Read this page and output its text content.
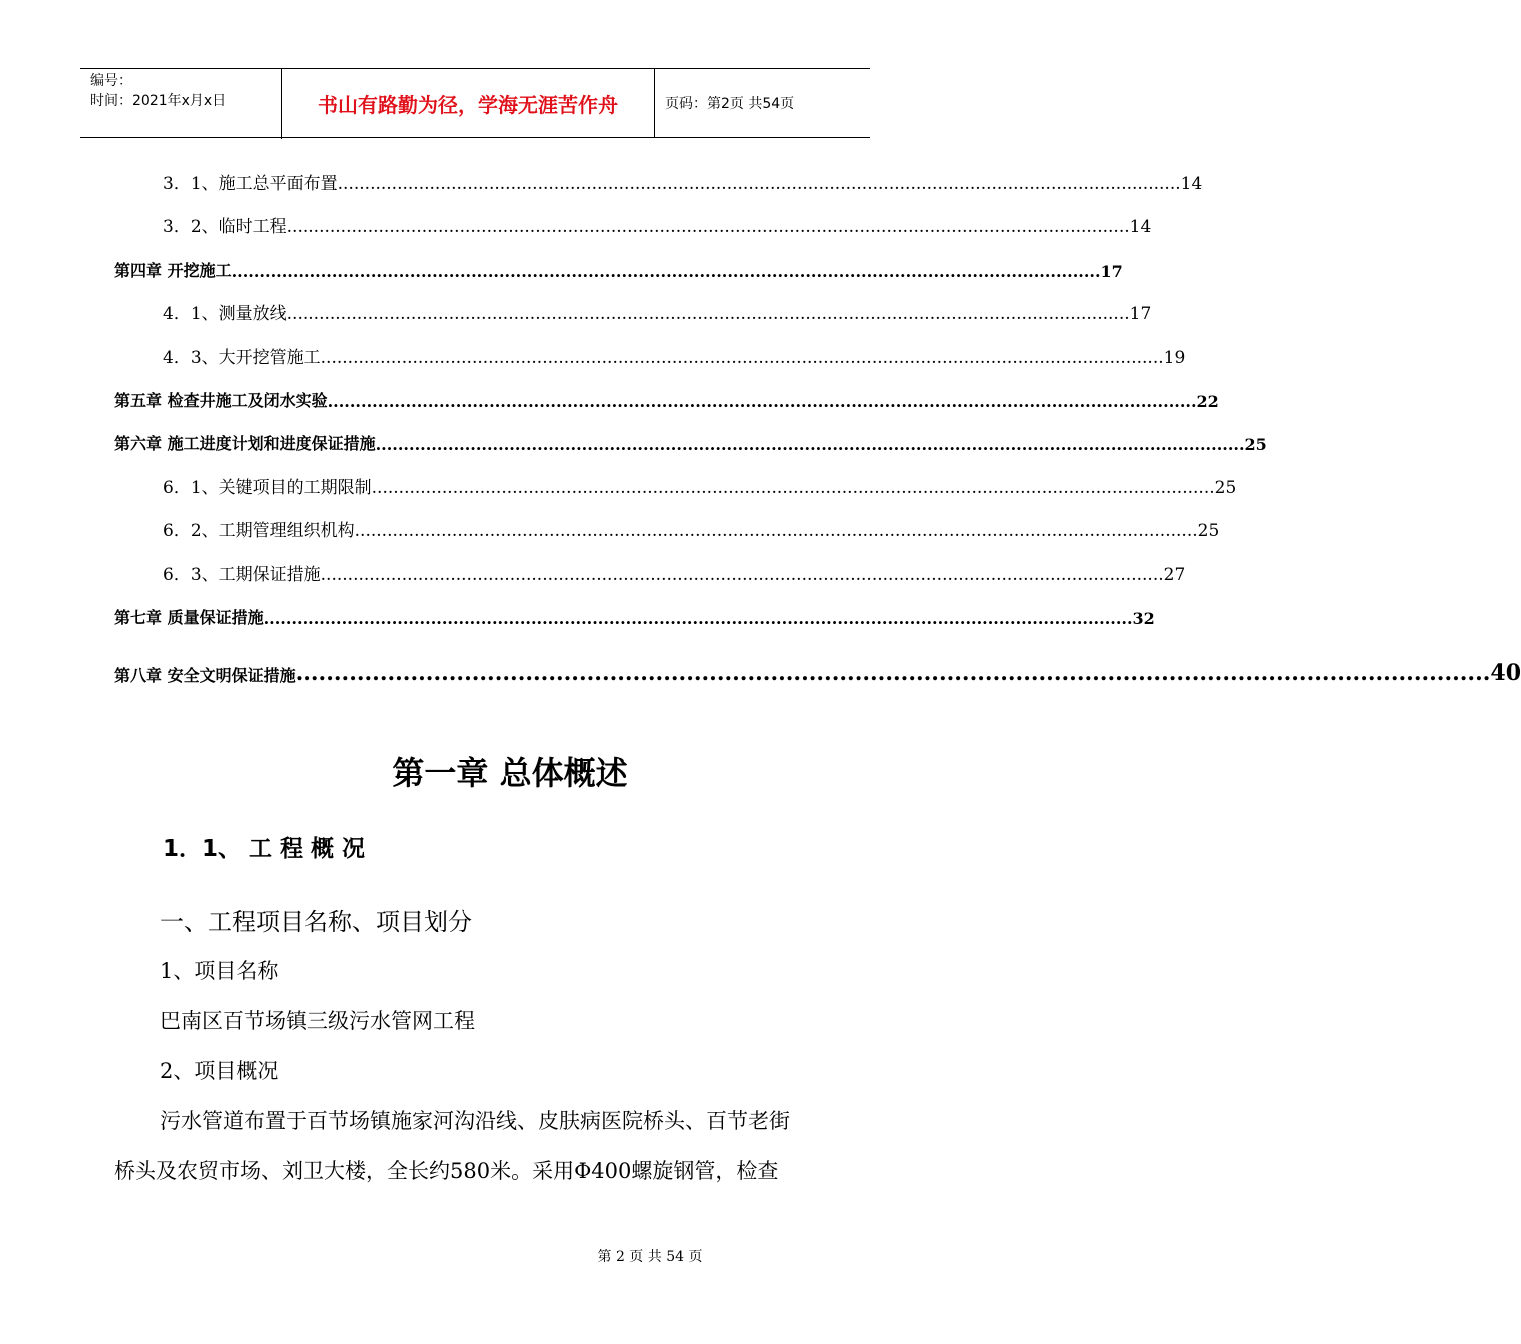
编号：
时间：2021年x月x日	书山有路勤为径，学海无涯苦作舟	页码：第2页 共54页
3．1、施工总平面布置 ............................................................................................................................................................ 14
3．2、临时工程 ............................................................................................................................................................ 14
第四章 开挖施工 ............................................................................................................................................................ 17
4．1、测量放线 ............................................................................................................................................................ 17
4．3、大开挖管施工 ............................................................................................................................................................ 19
第五章 检查井施工及闭水实验 ............................................................................................................................................................ 22
第六章 施工进度计划和进度保证措施 ............................................................................................................................................................ 25
6．1、关键项目的工期限制 ............................................................................................................................................................ 25
6．2、工期管理组织机构 ............................................................................................................................................................ 25
6．3、工期保证措施 ............................................................................................................................................................ 27
第七章 质量保证措施 ............................................................................................................................................................ 32
第八章 安全文明保证措施 ............................................................................................................................................................ 40
第一章 总体概述
1．1、 工 程 概 况
一、工程项目名称、项目划分
1、项目名称
巴南区百节场镇三级污水管网工程
2、项目概况
污水管道布置于百节场镇施家河沟沿线、皮肤病医院桥头、百节老街
桥头及农贸市场、刘卫大楼，全长约580米。采用Φ400螺旋钢管，检查
第 2 页 共 54 页
